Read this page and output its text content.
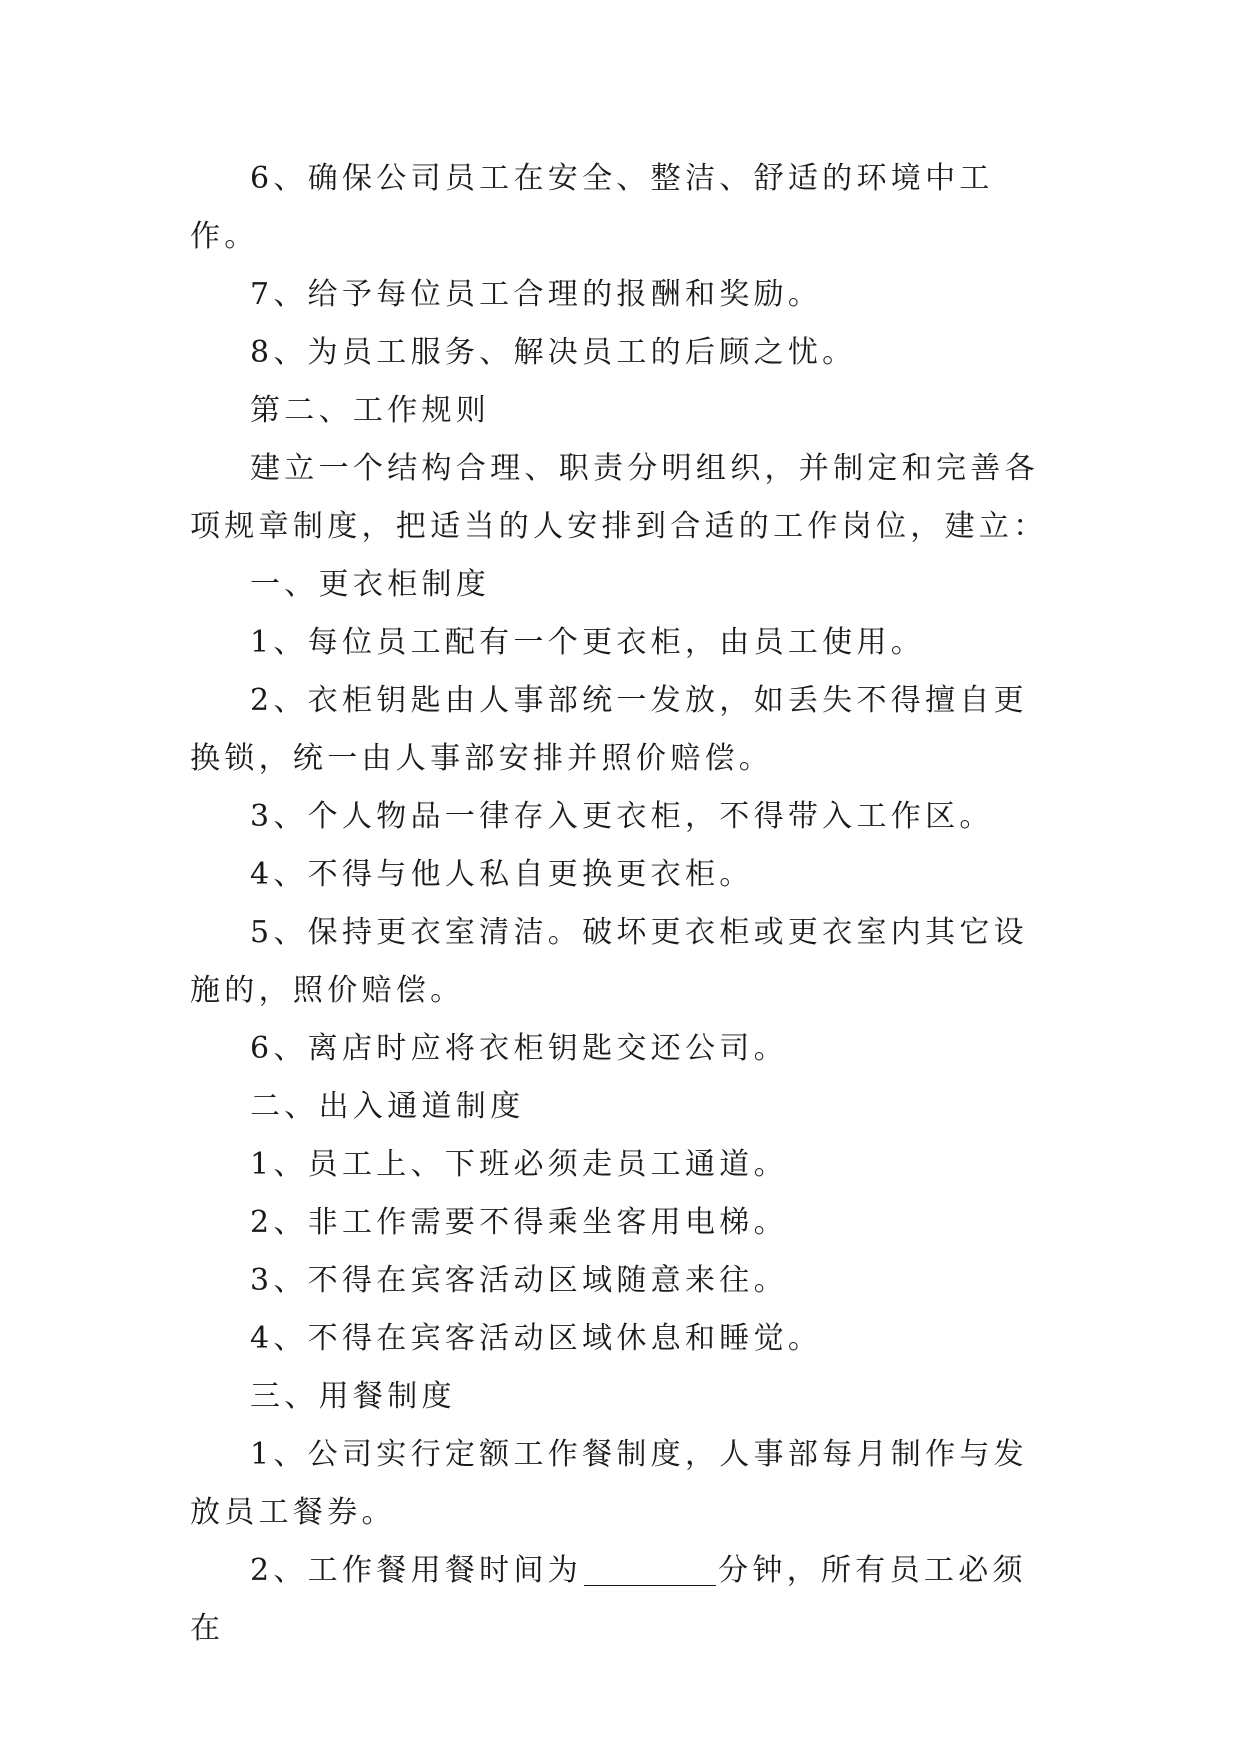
6、确保公司员工在安全、整洁、舒适的环境中工作。

7、给予每位员工合理的报酬和奖励。

8、为员工服务、解决员工的后顾之忧。

第二、工作规则

建立一个结构合理、职责分明组织，并制定和完善各项规章制度，把适当的人安排到合适的工作岗位，建立：

一、更衣柜制度

1、每位员工配有一个更衣柜，由员工使用。

2、衣柜钥匙由人事部统一发放，如丢失不得擅自更换锁，统一由人事部安排并照价赔偿。

3、个人物品一律存入更衣柜，不得带入工作区。

4、不得与他人私自更换更衣柜。

5、保持更衣室清洁。破坏更衣柜或更衣室内其它设施的，照价赔偿。

6、离店时应将衣柜钥匙交还公司。

二、出入通道制度

1、员工上、下班必须走员工通道。

2、非工作需要不得乘坐客用电梯。

3、不得在宾客活动区域随意来往。

4、不得在宾客活动区域休息和睡觉。

三、用餐制度

1、公司实行定额工作餐制度，人事部每月制作与发放员工餐券。

2、工作餐用餐时间为	分钟，所有员工必须在
